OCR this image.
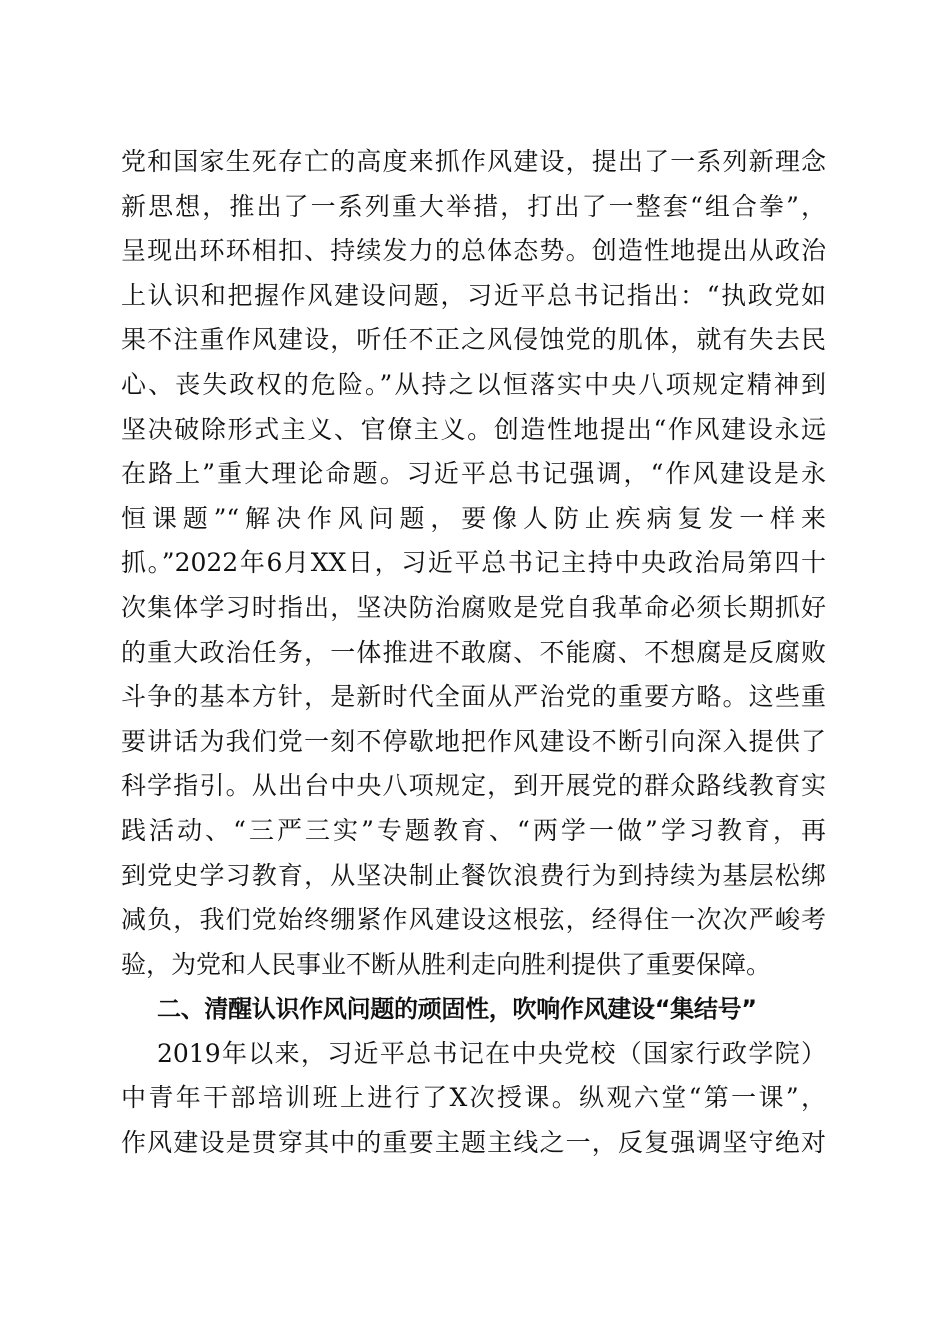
党和国家生死存亡的高度来抓作风建设，提出了一系列新理念
新思想，推出了一系列重大举措，打出了一整套“组合拳”，
呈现出环环相扣、持续发力的总体态势。创造性地提出从政治
上认识和把握作风建设问题，习近平总书记指出：“执政党如
果不注重作风建设，听任不正之风侵蚀党的肌体，就有失去民
心、丧失政权的危险。”从持之以恒落实中央八项规定精神到
坚决破除形式主义、官僚主义。创造性地提出“作风建设永远
在路上”重大理论命题。习近平总书记强调，“作风建设是永
恒课题”“解决作风问题，要像人防止疾病复发一样来
抓。”2022年6月XX日，习近平总书记主持中央政治局第四十
次集体学习时指出，坚决防治腐败是党自我革命必须长期抓好
的重大政治任务，一体推进不敢腐、不能腐、不想腐是反腐败
斗争的基本方针，是新时代全面从严治党的重要方略。这些重
要讲话为我们党一刻不停歇地把作风建设不断引向深入提供了
科学指引。从出台中央八项规定，到开展党的群众路线教育实
践活动、“三严三实”专题教育、“两学一做”学习教育，再
到党史学习教育，从坚决制止餐饮浪费行为到持续为基层松绑
减负，我们党始终绷紧作风建设这根弦，经得住一次次严峻考
验，为党和人民事业不断从胜利走向胜利提供了重要保障。
二、清醒认识作风问题的顽固性，吹响作风建设“集结号”
2019年以来，习近平总书记在中央党校（国家行政学院）
中青年干部培训班上进行了X次授课。纵观六堂“第一课”，
作风建设是贯穿其中的重要主题主线之一，反复强调坚守绝对
